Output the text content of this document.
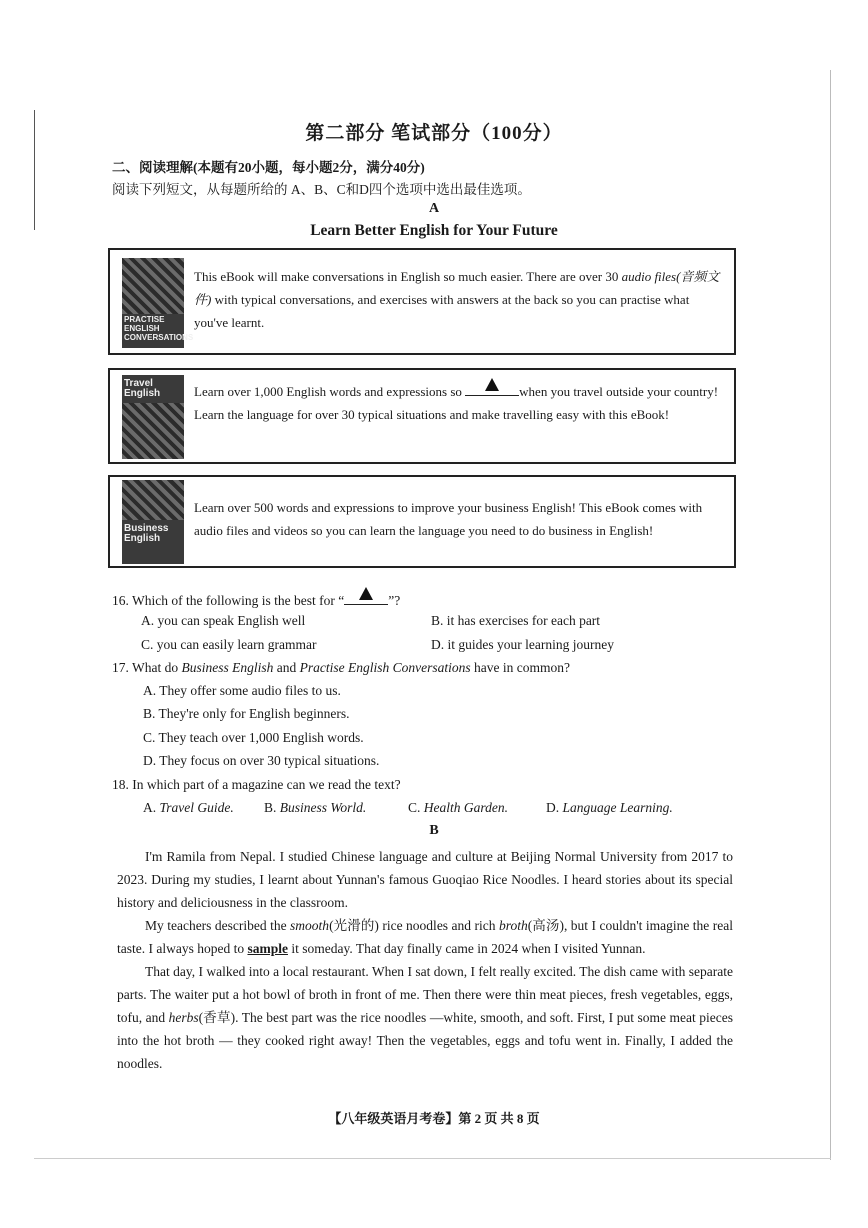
第二部分 笔试部分（100分）
二、阅读理解(本题有20小题，每小题2分，满分40分)
阅读下列短文，从每题所给的 A、B、C和D四个选项中选出最佳选项。
A
Learn Better English for Your Future
PRACTISE ENGLISH CONVERSATIONS
This eBook will make conversations in English so much easier. There are over 30 audio files(音频文件) with typical conversations, and exercises with answers at the back so you can practise what you've learnt.
Travel English	Learn over 1,000 English words and expressions so	when you travel outside your country! Learn the language for over 30 typical situations and make travelling easy with this eBook!
Business English
Learn over 500 words and expressions to improve your business English! This eBook comes with audio files and videos so you can learn the language you need to do business in English!
16. Which of the following is the best for “	”?
A. you can speak English well	B. it has exercises for each part
C. you can easily learn grammar	D. it guides your learning journey
17. What do Business English and Practise English Conversations have in common?
A. They offer some audio files to us.
B. They're only for English beginners.
C. They teach over 1,000 English words.
D. They focus on over 30 typical situations.
18. In which part of a magazine can we read the text?
A. Travel Guide. B. Business World.	C. Health Garden.	D. Language Learning.
B
I'm Ramila from Nepal. I studied Chinese language and culture at Beijing Normal University from 2017 to 2023. During my studies, I learnt about Yunnan's famous Guoqiao Rice Noodles. I heard stories about its special history and deliciousness in the classroom.
My teachers described the smooth(光滑的) rice noodles and rich broth(高汤), but I couldn't imagine the real taste. I always hoped to sample it someday. That day finally came in 2024 when I visited Yunnan.
That day, I walked into a local restaurant. When I sat down, I felt really excited. The dish came with separate parts. The waiter put a hot bowl of broth in front of me. Then there were thin meat pieces, fresh vegetables, eggs, tofu, and herbs(香草). The best part was the rice noodles —white, smooth, and soft. First, I put some meat pieces into the hot broth — they cooked right away! Then the vegetables, eggs and tofu went in. Finally, I added the noodles.
【八年级英语月考卷】第 2 页 共 8 页
